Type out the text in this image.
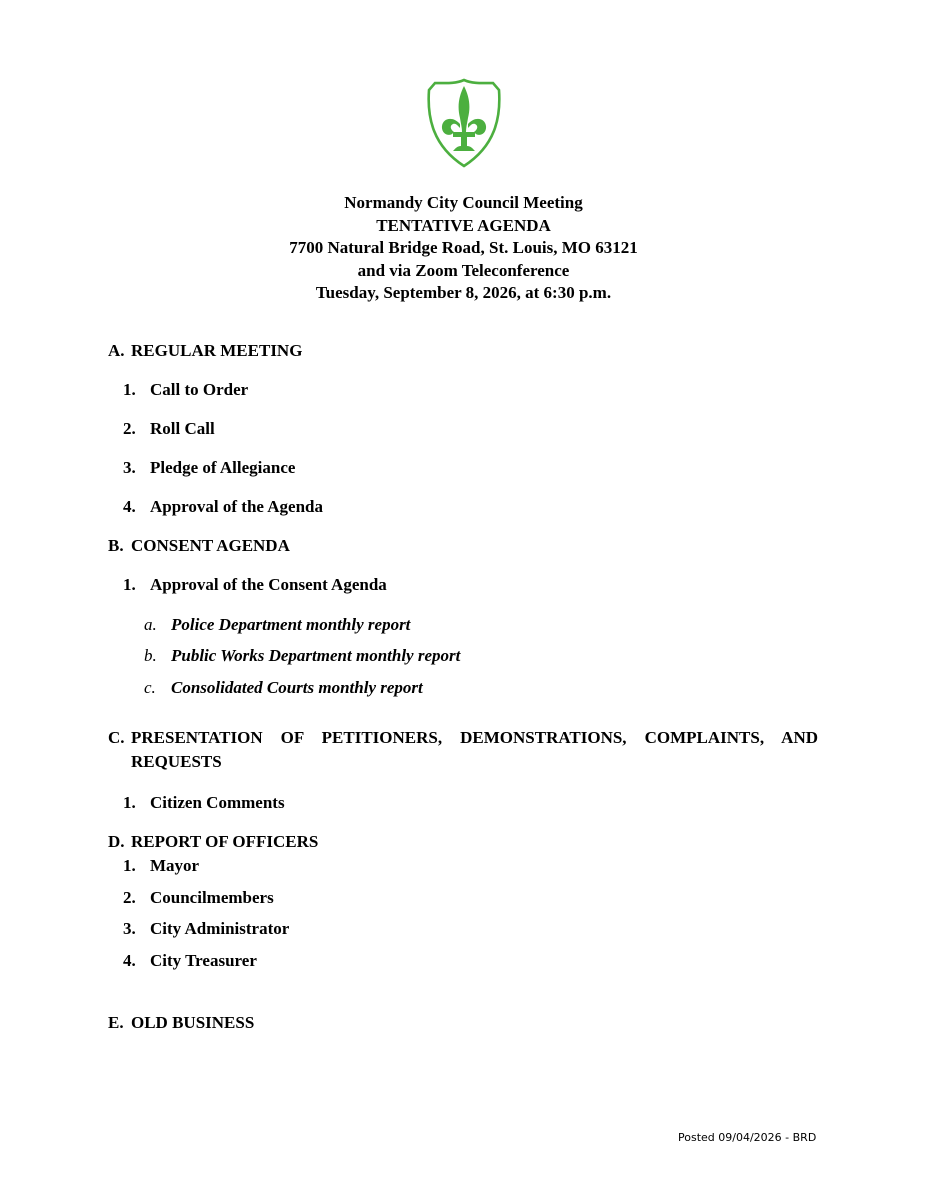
Normandy City Council Meeting
TENTATIVE AGENDA
7700 Natural Bridge Road, St. Louis, MO 63121
and via Zoom Teleconference
Tuesday, September 8, 2026, at 6:30 p.m.
A. REGULAR MEETING
1. Call to Order
2. Roll Call
3. Pledge of Allegiance
4. Approval of the Agenda
B. CONSENT AGENDA
1. Approval of the Consent Agenda
a. Police Department monthly report
b. Public Works Department monthly report
c. Consolidated Courts monthly report
C. PRESENTATION OF PETITIONERS, DEMONSTRATIONS, COMPLAINTS, AND REQUESTS
1. Citizen Comments
D. REPORT OF OFFICERS
1. Mayor
2. Councilmembers
3. City Administrator
4. City Treasurer
E. OLD BUSINESS
Posted 09/04/2026 - BRD
